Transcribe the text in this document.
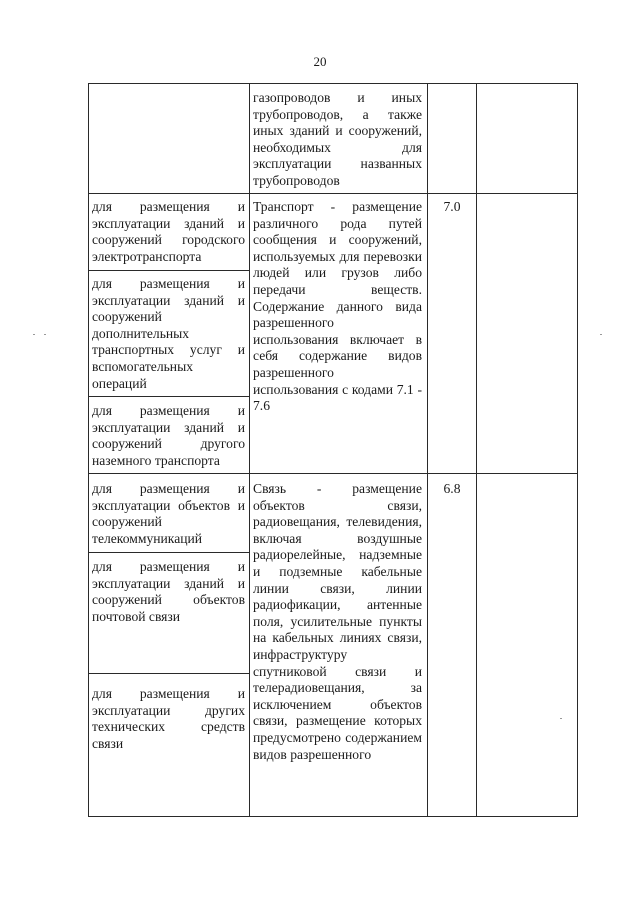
20
газопроводов и иных трубопроводов, а также иных зданий и сооружений, необходимых для эксплуатации названных трубопроводов
для размещения и эксплуатации зданий и сооружений городского электротранспорта
для размещения и эксплуатации зданий и сооружений дополнительных транспортных услуг и вспомогательных операций
для размещения и эксплуатации зданий и сооружений другого наземного транспорта
Транспорт - размещение различного рода путей сообщения и сооружений, используемых для перевозки людей или грузов либо передачи веществ. Содержание данного вида разрешенного использования включает в себя содержание видов разрешенного использования с кодами 7.1 - 7.6
7.0
для размещения и эксплуатации объектов и сооружений телекоммуникаций
для размещения и эксплуатации зданий и сооружений объектов почтовой связи
для размещения и эксплуатации других технических средств связи
Связь - размещение объектов связи, радиовещания, телевидения, включая воздушные радиорелейные, надземные и подземные кабельные линии связи, линии радиофикации, антенные поля, усилительные пункты на кабельных линиях связи, инфраструктуру спутниковой связи и телерадиовещания, за исключением объектов связи, размещение которых предусмотрено содержанием видов разрешенного
6.8
